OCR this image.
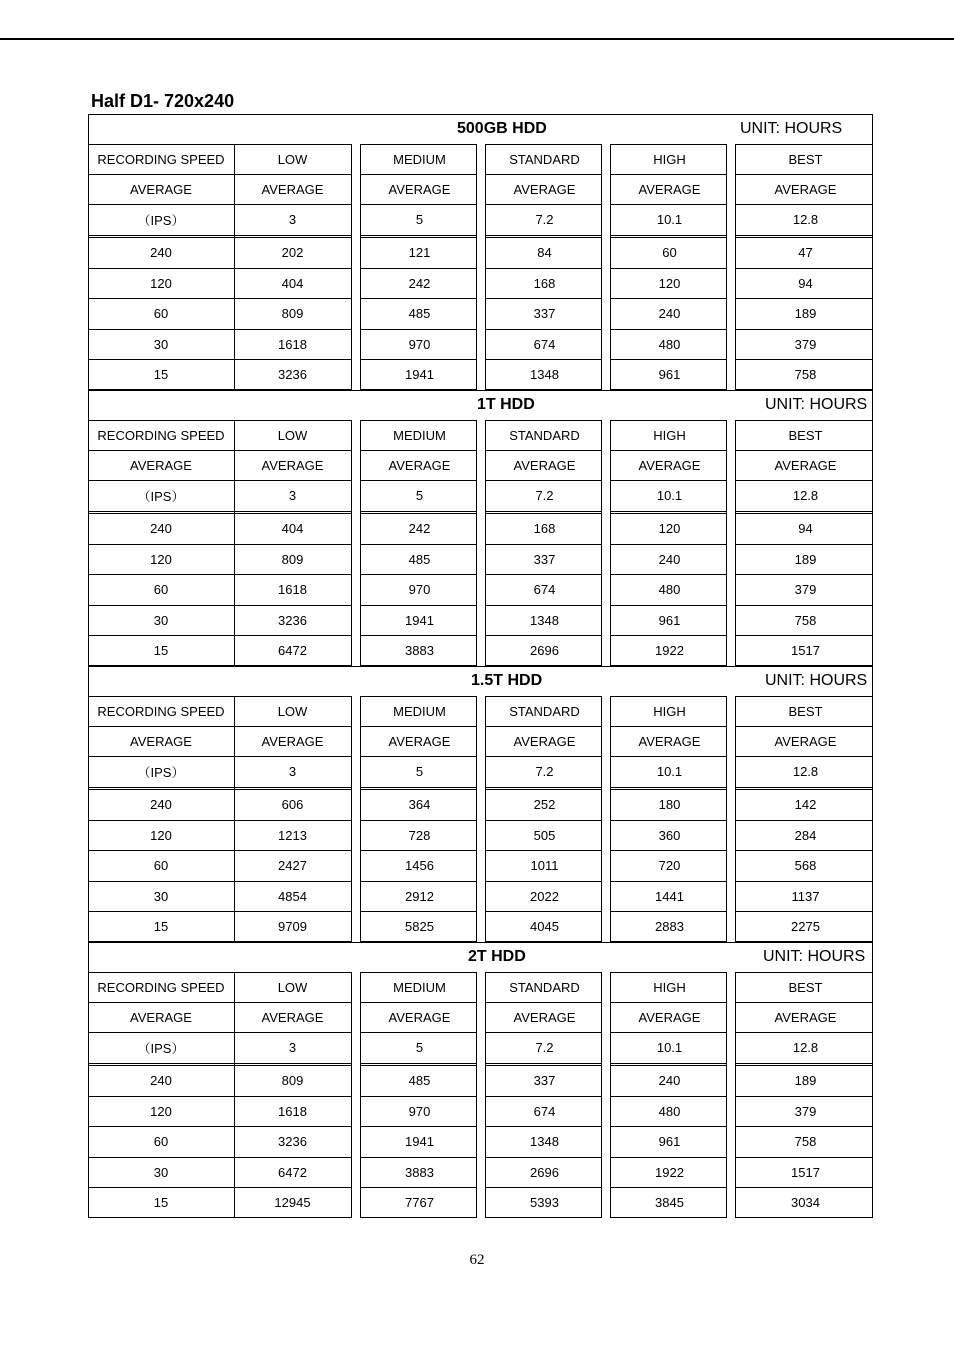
Half D1- 720x240
500GB HDD	UNIT: HOURS
RECORDING SPEED	LOW	MEDIUM	STANDARD	HIGH	BEST
AVERAGE	AVERAGE	AVERAGE	AVERAGE	AVERAGE	AVERAGE
（IPS）	3	5	7.2	10.1	12.8
240	202	121	84	60	47
120	404	242	168	120	94
60	809	485	337	240	189
30	1618	970	674	480	379
15	3236	1941	1348	961	758
1T HDD	UNIT: HOURS
RECORDING SPEED	LOW	MEDIUM	STANDARD	HIGH	BEST
AVERAGE	AVERAGE	AVERAGE	AVERAGE	AVERAGE	AVERAGE
（IPS）	3	5	7.2	10.1	12.8
240	404	242	168	120	94
120	809	485	337	240	189
60	1618	970	674	480	379
30	3236	1941	1348	961	758
15	6472	3883	2696	1922	1517
1.5T HDD	UNIT: HOURS
RECORDING SPEED	LOW	MEDIUM	STANDARD	HIGH	BEST
AVERAGE	AVERAGE	AVERAGE	AVERAGE	AVERAGE	AVERAGE
（IPS）	3	5	7.2	10.1	12.8
240	606	364	252	180	142
120	1213	728	505	360	284
60	2427	1456	1011	720	568
30	4854	2912	2022	1441	1137
15	9709	5825	4045	2883	2275
2T HDD	UNIT: HOURS
RECORDING SPEED	LOW	MEDIUM	STANDARD	HIGH	BEST
AVERAGE	AVERAGE	AVERAGE	AVERAGE	AVERAGE	AVERAGE
（IPS）	3	5	7.2	10.1	12.8
240	809	485	337	240	189
120	1618	970	674	480	379
60	3236	1941	1348	961	758
30	6472	3883	2696	1922	1517
15	12945	7767	5393	3845	3034
62
